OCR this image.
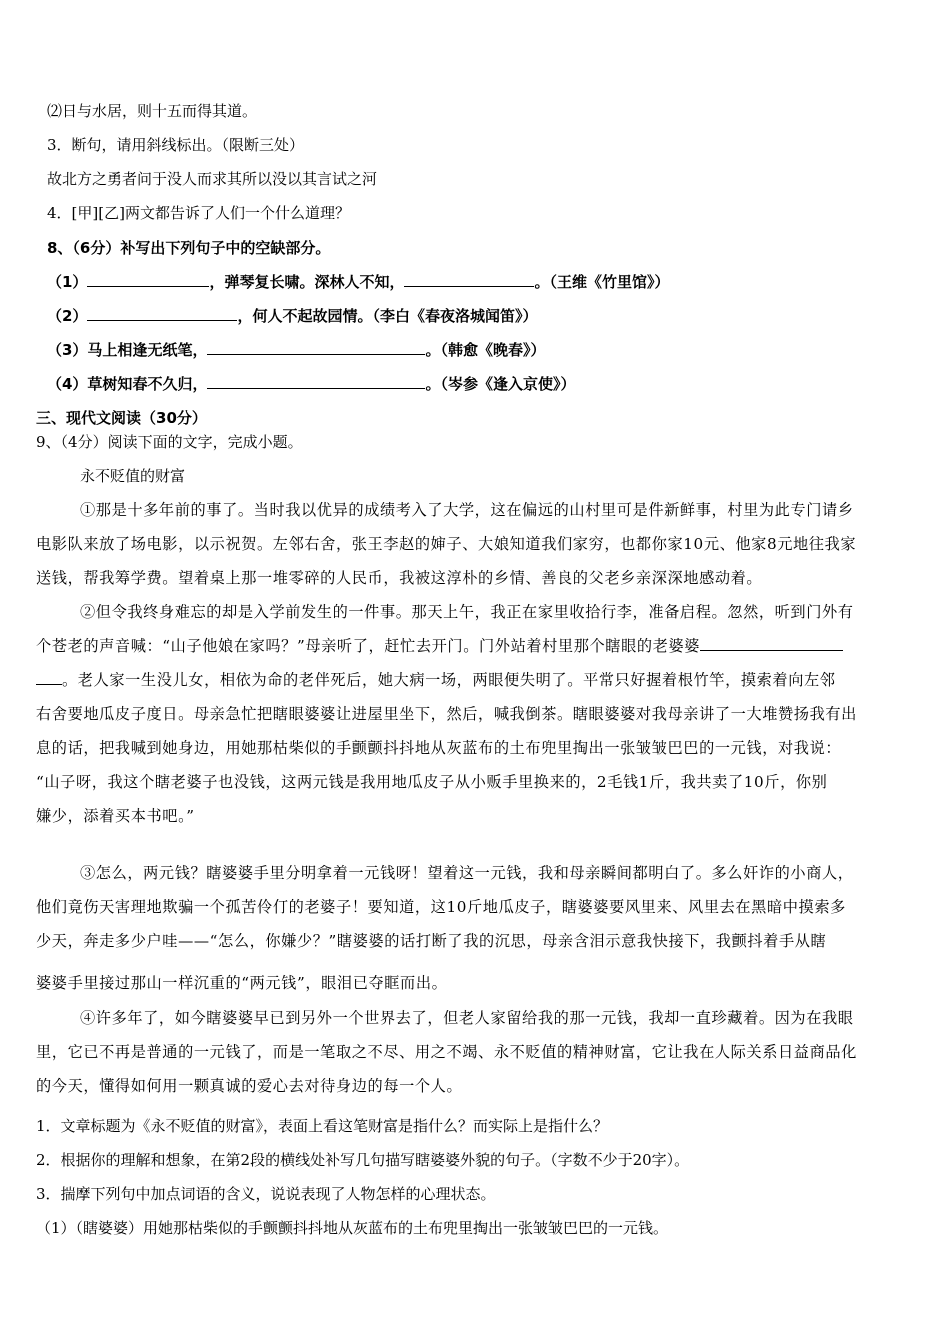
⑵日与水居，则十五而得其道。
3．断句，请用斜线标出。（限断三处）
故北方之勇者问于没人而求其所以没以其言试之河
4．[甲][乙]两文都告诉了人们一个什么道理？
8、（6分）补写出下列句子中的空缺部分。
（1）	，弹琴复长啸。深林人不知，	。（王维《竹里馆》）
（2）	，何人不起故园情。（李白《春夜洛城闻笛》）
（3）马上相逢无纸笔，	。（韩愈《晚春》）
（4）草树知春不久归，	。（岑参《逢入京使》）
三、现代文阅读（30分）
9、（4分）阅读下面的文字，完成小题。
永不贬值的财富
①那是十多年前的事了。当时我以优异的成绩考入了大学，这在偏远的山村里可是件新鲜事，村里为此专门请乡
电影队来放了场电影，以示祝贺。左邻右舍，张王李赵的婶子、大娘知道我们家穷，也都你家10元、他家8元地往我家
送钱，帮我筹学费。望着桌上那一堆零碎的人民币，我被这淳朴的乡情、善良的父老乡亲深深地感动着。
②但令我终身难忘的却是入学前发生的一件事。那天上午，我正在家里收拾行李，准备启程。忽然，听到门外有
个苍老的声音喊：“山子他娘在家吗？”母亲听了，赶忙去开门。门外站着村里那个瞎眼的老婆婆
。老人家一生没儿女，相依为命的老伴死后，她大病一场，两眼便失明了。平常只好握着根竹竿，摸索着向左邻
右舍要地瓜皮子度日。母亲急忙把瞎眼婆婆让进屋里坐下，然后，喊我倒茶。瞎眼婆婆对我母亲讲了一大堆赞扬我有出
息的话，把我喊到她身边，用她那枯柴似的手颤颤抖抖地从灰蓝布的土布兜里掏出一张皱皱巴巴的一元钱，对我说：
“山子呀，我这个瞎老婆子也没钱，这两元钱是我用地瓜皮子从小贩手里换来的，2毛钱1斤，我共卖了10斤，你别
嫌少，添着买本书吧。”
③怎么，两元钱？瞎婆婆手里分明拿着一元钱呀！望着这一元钱，我和母亲瞬间都明白了。多么奸诈的小商人，
他们竟伤天害理地欺骗一个孤苦伶仃的老婆子！要知道，这10斤地瓜皮子，瞎婆婆要风里来、风里去在黑暗中摸索多
少天，奔走多少户哇——“怎么，你嫌少？”瞎婆婆的话打断了我的沉思，母亲含泪示意我快接下，我颤抖着手从瞎
婆婆手里接过那山一样沉重的“两元钱”，眼泪已夺眶而出。
④许多年了，如今瞎婆婆早已到另外一个世界去了，但老人家留给我的那一元钱，我却一直珍藏着。因为在我眼
里，它已不再是普通的一元钱了，而是一笔取之不尽、用之不竭、永不贬值的精神财富，它让我在人际关系日益商品化
的今天，懂得如何用一颗真诚的爱心去对待身边的每一个人。
1．文章标题为《永不贬值的财富》，表面上看这笔财富是指什么？而实际上是指什么？
2．根据你的理解和想象，在第2段的横线处补写几句描写瞎婆婆外貌的句子。（字数不少于20字）。
3．揣摩下列句中加点词语的含义，说说表现了人物怎样的心理状态。
（1）（瞎婆婆）用她那枯柴似的手颤颤抖抖地从灰蓝布的土布兜里掏出一张皱皱巴巴的一元钱。
